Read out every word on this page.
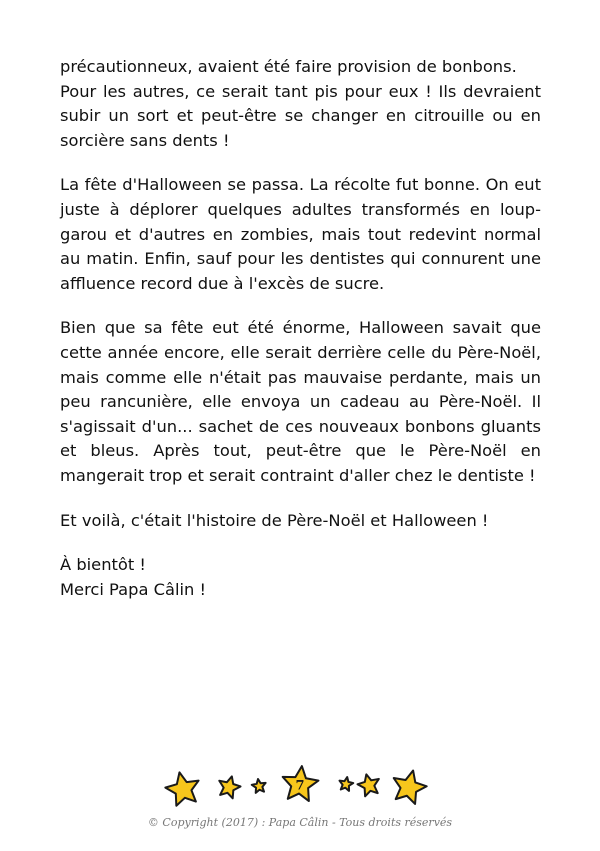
précautionneux, avaient été faire provision de bonbons.
Pour les autres, ce serait tant pis pour eux ! Ils devraient subir un sort et peut-être se changer en citrouille ou en sorcière sans dents !

La fête d'Halloween se passa. La récolte fut bonne. On eut juste à déplorer quelques adultes transformés en loup-garou et d'autres en zombies, mais tout redevint normal au matin. Enfin, sauf pour les dentistes qui connurent une affluence record due à l'excès de sucre.

Bien que sa fête eut été énorme, Halloween savait que cette année encore, elle serait derrière celle du Père-Noël, mais comme elle n'était pas mauvaise perdante, mais un peu rancunière, elle envoya un cadeau au Père-Noël. Il s'agissait d'un... sachet de ces nouveaux bonbons gluants et bleus. Après tout, peut-être que le Père-Noël en mangerait trop et serait contraint d'aller chez le dentiste !

Et voilà, c'était l'histoire de Père-Noël et Halloween !

À bientôt !
Merci Papa Câlin !

7
© Copyright (2017) : Papa Câlin - Tous droits réservés
